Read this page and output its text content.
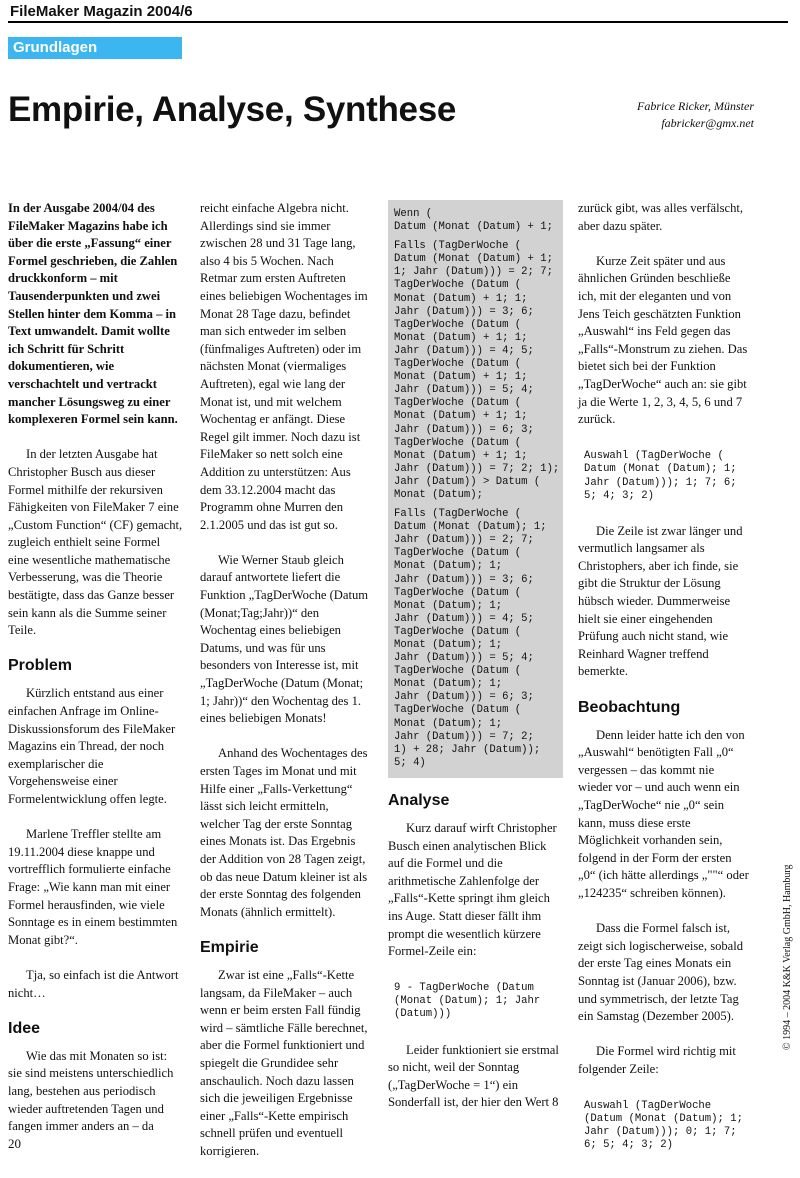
FileMaker Magazin 2004/6
Grundlagen
Empirie, Analyse, Synthese	Fabrice Ricker, Münster
fabricker@gmx.net

In der Ausgabe 2004/04 des FileMaker Magazins habe ich über die erste „Fassung“ einer Formel geschrieben, die Zahlen druckkonform – mit Tausenderpunkten und zwei Stellen hinter dem Komma – in Text umwandelt. Damit wollte ich Schritt für Schritt dokumentieren, wie verschachtelt und vertrackt mancher Lösungsweg zu einer komplexeren Formel sein kann.

In der letzten Ausgabe hat Christopher Busch aus dieser Formel mithilfe der rekursiven Fähigkeiten von FileMaker 7 eine „Custom Function“ (CF) gemacht, zugleich enthielt seine Formel eine wesentliche mathematische Verbesserung, was die Theorie bestätigte, dass das Ganze besser sein kann als die Summe seiner Teile.

Problem

Kürzlich entstand aus einer einfachen Anfrage im Online-Diskussionsforum des FileMaker Magazins ein Thread, der noch exemplarischer die Vorgehensweise einer Formelentwicklung offen legte.

Marlene Treffler stellte am 19.11.2004 diese knappe und vortrefflich formulierte einfache Frage: „Wie kann man mit einer Formel herausfinden, wie viele Sonntage es in einem bestimmten Monat gibt?“.

Tja, so einfach ist die Antwort nicht…

Idee

Wie das mit Monaten so ist: sie sind meistens unterschiedlich lang, bestehen aus periodisch wieder auftretenden Tagen und fangen immer anders an – da

reicht einfache Algebra nicht. Allerdings sind sie immer zwischen 28 und 31 Tage lang, also 4 bis 5 Wochen. Nach Retmar zum ersten Auftreten eines beliebigen Wochentages im Monat 28 Tage dazu, befindet man sich entweder im selben (fünfmaliges Auftreten) oder im nächsten Monat (viermaliges Auftreten), egal wie lang der Monat ist, und mit welchem Wochentag er anfängt. Diese Regel gilt immer. Noch dazu ist FileMaker so nett solch eine Addition zu unterstützen: Aus dem 33.12.2004 macht das Programm ohne Murren den 2.1.2005 und das ist gut so.

Wie Werner Staub gleich darauf antwortete liefert die Funktion „TagDerWoche (Datum (Monat;Tag;Jahr))“ den Wochentag eines beliebigen Datums, und was für uns besonders von Interesse ist, mit „TagDerWoche (Datum (Monat; 1; Jahr))“ den Wochentag des 1. eines beliebigen Monats!

Anhand des Wochentages des ersten Tages im Monat und mit Hilfe einer „Falls-Verkettung“ lässt sich leicht ermitteln, welcher Tag der erste Sonntag eines Monats ist. Das Ergebnis der Addition von 28 Tagen zeigt, ob das neue Datum kleiner ist als der erste Sonntag des folgenden Monats (ähnlich ermittelt).

Empirie

Zwar ist eine „Falls“-Kette langsam, da FileMaker – auch wenn er beim ersten Fall fündig wird – sämtliche Fälle berechnet, aber die Formel funktioniert und spiegelt die Grundidee sehr anschaulich. Noch dazu lassen sich die jeweiligen Ergebnisse einer „Falls“-Kette empirisch schnell prüfen und eventuell korrigieren.

Wenn (
Datum (Monat (Datum) + 1;
Falls (TagDerWoche (
Datum (Monat (Datum) + 1;
1; Jahr (Datum))) = 2; 7;
TagDerWoche (Datum (
Monat (Datum) + 1; 1;
Jahr (Datum))) = 3; 6;
TagDerWoche (Datum (
Monat (Datum) + 1; 1;
Jahr (Datum))) = 4; 5;
TagDerWoche (Datum (
Monat (Datum) + 1; 1;
Jahr (Datum))) = 5; 4;
TagDerWoche (Datum (
Monat (Datum) + 1; 1;
Jahr (Datum))) = 6; 3;
TagDerWoche (Datum (
Monat (Datum) + 1; 1;
Jahr (Datum))) = 7; 2; 1);
Jahr (Datum)) > Datum (
Monat (Datum);
Falls (TagDerWoche (
Datum (Monat (Datum); 1;
Jahr (Datum))) = 2; 7;
TagDerWoche (Datum (
Monat (Datum); 1;
Jahr (Datum))) = 3; 6;
TagDerWoche (Datum (
Monat (Datum); 1;
Jahr (Datum))) = 4; 5;
TagDerWoche (Datum (
Monat (Datum); 1;
Jahr (Datum))) = 5; 4;
TagDerWoche (Datum (
Monat (Datum); 1;
Jahr (Datum))) = 6; 3;
TagDerWoche (Datum (
Monat (Datum); 1;
Jahr (Datum))) = 7; 2;
1) + 28; Jahr (Datum));
5; 4)
Analyse

Kurz darauf wirft Christopher Busch einen analytischen Blick auf die Formel und die arithmetische Zahlenfolge der „Falls“-Kette springt ihm gleich ins Auge. Statt dieser fällt ihm prompt die wesentlich kürzere Formel-Zeile ein:

9 - TagDerWoche (Datum
(Monat (Datum); 1; Jahr
(Datum)))

Leider funktioniert sie erstmal so nicht, weil der Sonntag („TagDerWoche = 1“) ein Sonderfall ist, der hier den Wert 8

zurück gibt, was alles verfälscht, aber dazu später.

Kurze Zeit später und aus ähnlichen Gründen beschließe ich, mit der eleganten und von Jens Teich geschätzten Funktion „Auswahl“ ins Feld gegen das „Falls“-Monstrum zu ziehen. Das bietet sich bei der Funktion „TagDerWoche“ auch an: sie gibt ja die Werte 1, 2, 3, 4, 5, 6 und 7 zurück.

Auswahl (TagDerWoche (
Datum (Monat (Datum); 1;
Jahr (Datum))); 1; 7; 6;
5; 4; 3; 2)

Die Zeile ist zwar länger und vermutlich langsamer als Christophers, aber ich finde, sie gibt die Struktur der Lösung hübsch wieder. Dummerweise hielt sie einer eingehenden Prüfung auch nicht stand, wie Reinhard Wagner treffend bemerkte.

Beobachtung

Denn leider hatte ich den von „Auswahl“ benötigten Fall „0“ vergessen – das kommt nie wieder vor – und auch wenn ein „TagDerWoche“ nie „0“ sein kann, muss diese erste Möglichkeit vorhanden sein, folgend in der Form der ersten „0“ (ich hätte allerdings „""“ oder „124235“ schreiben können).

Dass die Formel falsch ist, zeigt sich logischerweise, sobald der erste Tag eines Monats ein Sonntag ist (Januar 2006), bzw. und symmetrisch, der letzte Tag ein Samstag (Dezember 2005).

Die Formel wird richtig mit folgender Zeile:

Auswahl (TagDerWoche
(Datum (Monat (Datum); 1;
Jahr (Datum))); 0; 1; 7;
6; 5; 4; 3; 2)
20
© 1994 – 2004 K&K Verlag GmbH, Hamburg
